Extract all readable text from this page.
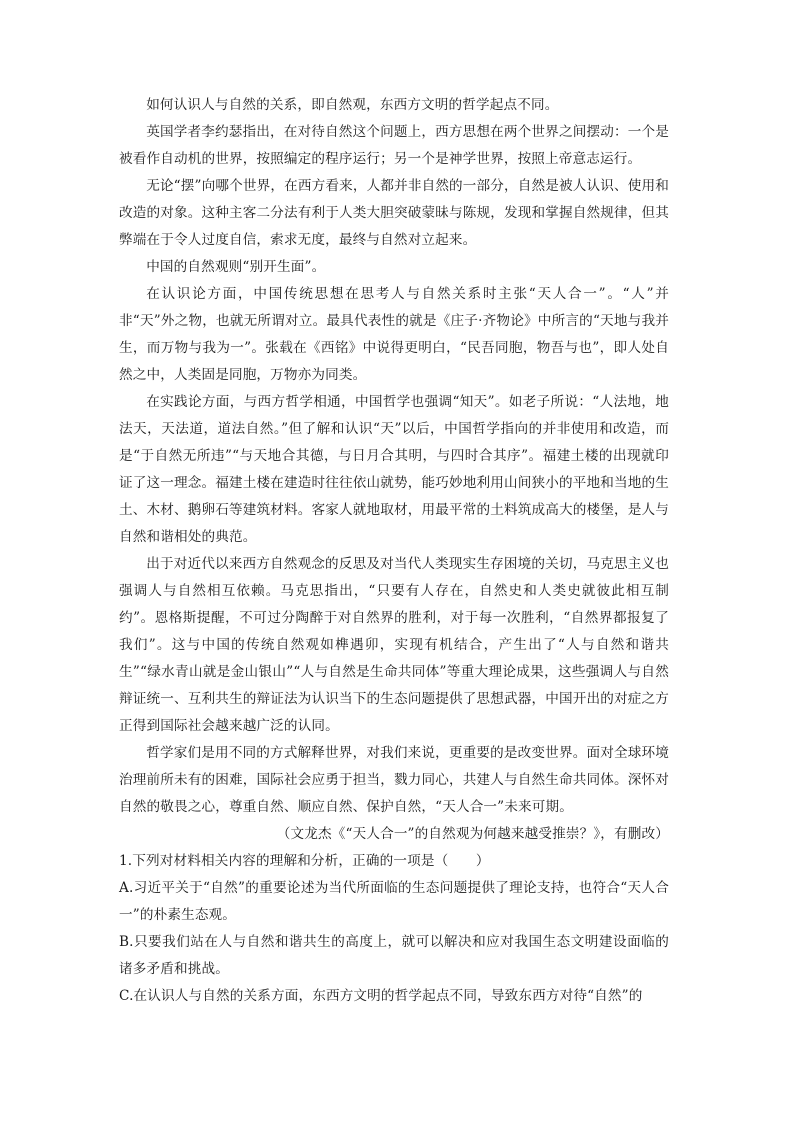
如何认识人与自然的关系，即自然观，东西方文明的哲学起点不同。

英国学者李约瑟指出，在对待自然这个问题上，西方思想在两个世界之间摆动：一个是被看作自动机的世界，按照编定的程序运行；另一个是神学世界，按照上帝意志运行。

无论“摆”向哪个世界，在西方看来，人都并非自然的一部分，自然是被人认识、使用和改造的对象。这种主客二分法有利于人类大胆突破蒙昧与陈规，发现和掌握自然规律，但其弊端在于令人过度自信，索求无度，最终与自然对立起来。

中国的自然观则“别开生面”。

在认识论方面，中国传统思想在思考人与自然关系时主张“天人合一”。“人”并非“天”外之物，也就无所谓对立。最具代表性的就是《庄子·齐物论》中所言的“天地与我并生，而万物与我为一”。张载在《西铭》中说得更明白，“民吾同胞，物吾与也”，即人处自然之中，人类固是同胞，万物亦为同类。

在实践论方面，与西方哲学相通，中国哲学也强调“知天”。如老子所说：“人法地，地法天，天法道，道法自然。”但了解和认识“天”以后，中国哲学指向的并非使用和改造，而是“于自然无所违”“与天地合其德，与日月合其明，与四时合其序”。福建土楼的出现就印证了这一理念。福建土楼在建造时往往依山就势，能巧妙地利用山间狭小的平地和当地的生土、木材、鹅卵石等建筑材料。客家人就地取材，用最平常的土料筑成高大的楼堡，是人与自然和谐相处的典范。

出于对近代以来西方自然观念的反思及对当代人类现实生存困境的关切，马克思主义也强调人与自然相互依赖。马克思指出，“只要有人存在，自然史和人类史就彼此相互制约”。恩格斯提醒，不可过分陶醉于对自然界的胜利，对于每一次胜利，“自然界都报复了我们”。这与中国的传统自然观如榫遇卯，实现有机结合，产生出了“人与自然和谐共生”“绿水青山就是金山银山”“人与自然是生命共同体”等重大理论成果，这些强调人与自然辩证统一、互利共生的辩证法为认识当下的生态问题提供了思想武器，中国开出的对症之方正得到国际社会越来越广泛的认同。

哲学家们是用不同的方式解释世界，对我们来说，更重要的是改变世界。面对全球环境治理前所未有的困难，国际社会应勇于担当，戮力同心，共建人与自然生命共同体。深怀对自然的敬畏之心，尊重自然、顺应自然、保护自然，“天人合一”未来可期。

（文龙杰《“天人合一”的自然观为何越来越受推崇？》，有删改）

1.下列对材料相关内容的理解和分析，正确的一项是（　　）

A.习近平关于“自然”的重要论述为当代所面临的生态问题提供了理论支持，也符合“天人合一”的朴素生态观。

B.只要我们站在人与自然和谐共生的高度上，就可以解决和应对我国生态文明建设面临的诸多矛盾和挑战。

C.在认识人与自然的关系方面，东西方文明的哲学起点不同，导致东西方对待“自然”的
